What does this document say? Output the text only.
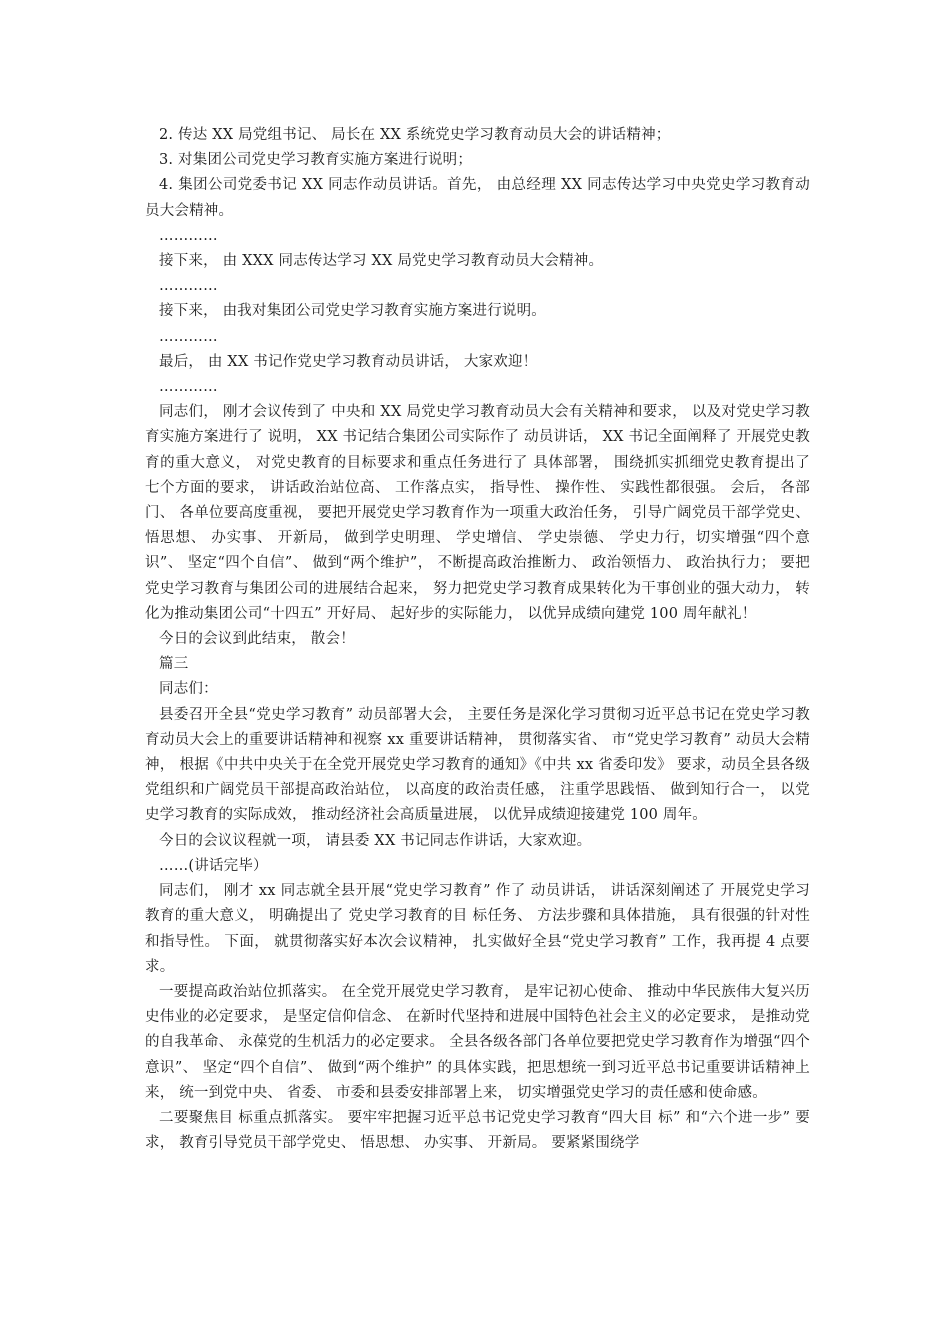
2. 传达 XX 局党组书记、 局长在 XX 系统党史学习教育动员大会的讲话精神；

3. 对集团公司党史学习教育实施方案进行说明；

4. 集团公司党委书记 XX 同志作动员讲话。首先， 由总经理 XX 同志传达学习中央党史学习教育动员大会精神。

…………

接下来， 由 XXX 同志传达学习 XX 局党史学习教育动员大会精神。

…………

接下来， 由我对集团公司党史学习教育实施方案进行说明。

…………

最后， 由 XX 书记作党史学习教育动员讲话， 大家欢迎！

…………

同志们， 刚才会议传到了 中央和 XX 局党史学习教育动员大会有关精神和要求， 以及对党史学习教育实施方案进行了 说明， XX 书记结合集团公司实际作了 动员讲话， XX 书记全面阐释了 开展党史教育的重大意义， 对党史教育的目标要求和重点任务进行了 具体部署， 围绕抓实抓细党史教育提出了 七个方面的要求， 讲话政治站位高、 工作落点实， 指导性、 操作性、 实践性都很强。 会后， 各部门、 各单位要高度重视， 要把开展党史学习教育作为一项重大政治任务， 引导广阔党员干部学党史、 悟思想、 办实事、 开新局， 做到学史明理、 学史增信、 学史崇德、 学史力行，切实增强“四个意识”、 坚定“四个自信”、 做到“两个维护”， 不断提高政治推断力、 政治领悟力、 政治执行力； 要把党史学习教育与集团公司的进展结合起来， 努力把党史学习教育成果转化为干事创业的强大动力， 转化为推动集团公司“十四五” 开好局、 起好步的实际能力， 以优异成绩向建党 100 周年献礼！

今日的会议到此结束， 散会！

篇三

同志们：

县委召开全县“党史学习教育” 动员部署大会， 主要任务是深化学习贯彻习近平总书记在党史学习教育动员大会上的重要讲话精神和视察 xx 重要讲话精神， 贯彻落实省、 市“党史学习教育” 动员大会精神， 根据《中共中央关于在全党开展党史学习教育的通知》《中共 xx 省委印发》 要求，动员全县各级党组织和广阔党员干部提高政治站位， 以高度的政治责任感， 注重学思践悟、 做到知行合一， 以党史学习教育的实际成效， 推动经济社会高质量进展， 以优异成绩迎接建党 100 周年。

今日的会议议程就一项， 请县委 XX 书记同志作讲话，大家欢迎。

……(讲话完毕）

同志们， 刚才 xx 同志就全县开展“党史学习教育” 作了 动员讲话， 讲话深刻阐述了 开展党史学习教育的重大意义， 明确提出了 党史学习教育的目 标任务、 方法步骤和具体措施， 具有很强的针对性和指导性。 下面， 就贯彻落实好本次会议精神， 扎实做好全县“党史学习教育” 工作，我再提 4 点要求。

一要提高政治站位抓落实。 在全党开展党史学习教育， 是牢记初心使命、 推动中华民族伟大复兴历史伟业的必定要求， 是坚定信仰信念、 在新时代坚持和进展中国特色社会主义的必定要求， 是推动党的自我革命、 永葆党的生机活力的必定要求。 全县各级各部门各单位要把党史学习教育作为增强“四个意识”、 坚定“四个自信”、 做到“两个维护” 的具体实践，把思想统一到习近平总书记重要讲话精神上来， 统一到党中央、 省委、 市委和县委安排部署上来， 切实增强党史学习的责任感和使命感。

二要聚焦目 标重点抓落实。 要牢牢把握习近平总书记党史学习教育“四大目 标” 和“六个进一步” 要求， 教育引导党员干部学党史、 悟思想、 办实事、 开新局。 要紧紧围绕学
